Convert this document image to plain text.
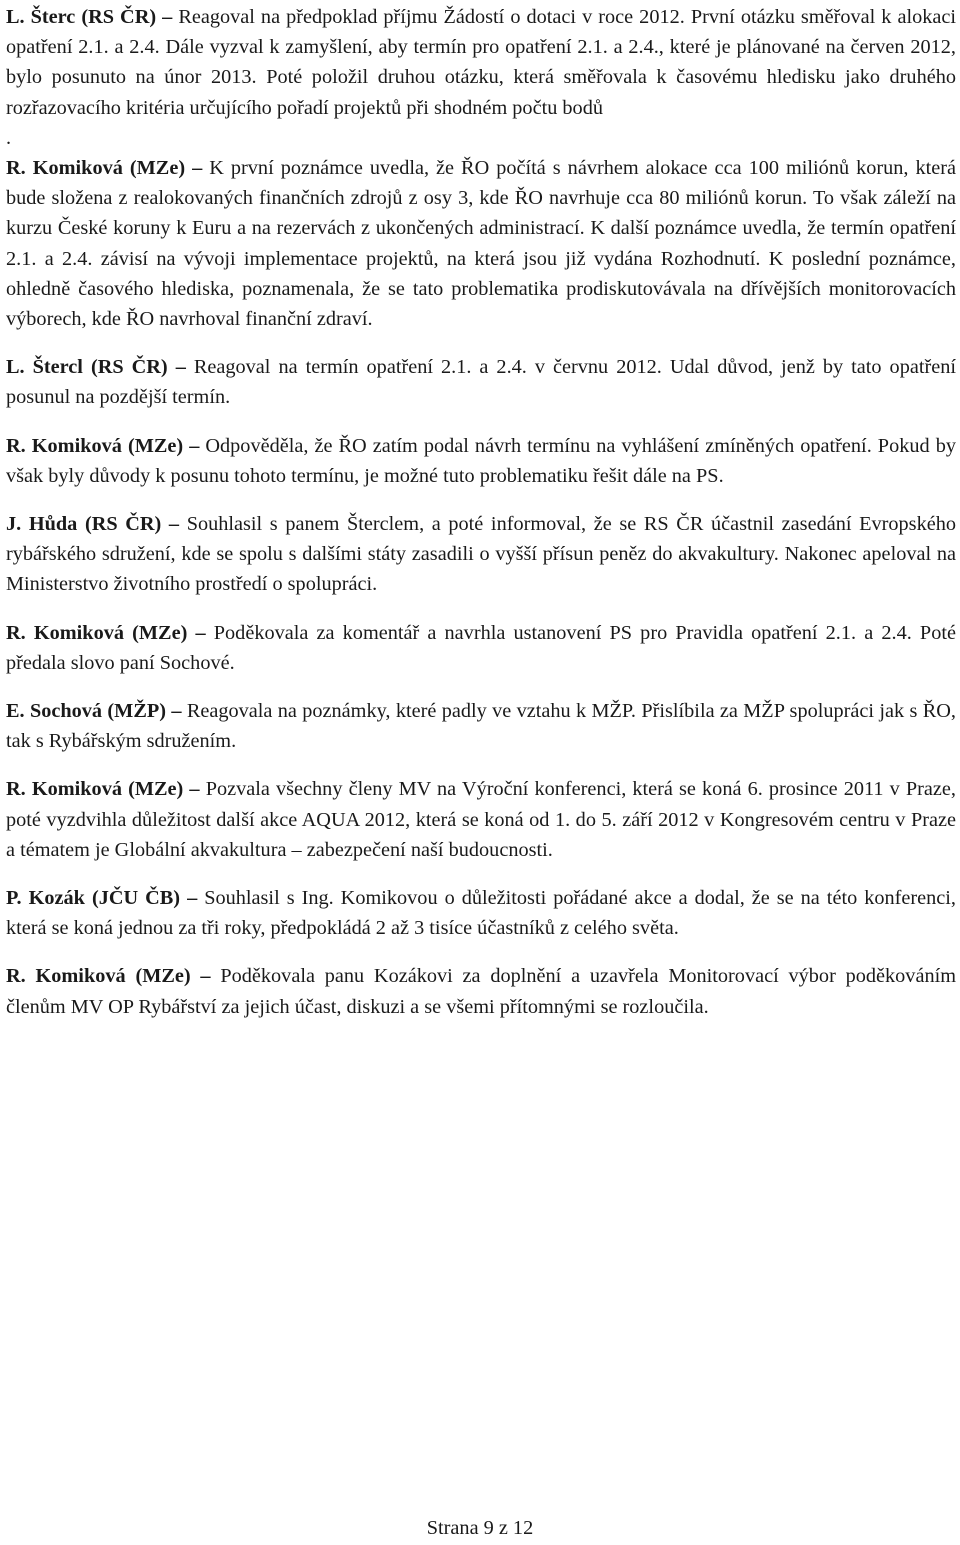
L. Šterc (RS ČR) – Reagoval na předpoklad příjmu Žádostí o dotaci v roce 2012. První otázku směřoval k alokaci opatření 2.1. a 2.4. Dále vyzval k zamyšlení, aby termín pro opatření 2.1. a 2.4., které je plánované na červen 2012, bylo posunuto na únor 2013. Poté položil druhou otázku, která směřovala k časovému hledisku jako druhého rozřazovacího kritéria určujícího pořadí projektů při shodném počtu bodů

.

R. Komiková (MZe) – K první poznámce uvedla, že ŘO počítá s návrhem alokace cca 100 miliónů korun, která bude složena z realokovaných finančních zdrojů z osy 3, kde ŘO navrhuje cca 80 miliónů korun. To však záleží na kurzu České koruny k Euru a na rezervách z ukončených administrací. K další poznámce uvedla, že termín opatření 2.1. a 2.4. závisí na vývoji implementace projektů, na která jsou již vydána Rozhodnutí. K poslední poznámce, ohledně časového hlediska, poznamenala, že se tato problematika prodiskutovávala na dřívějších monitorovacích výborech, kde ŘO navrhoval finanční zdraví.

L. Štercl (RS ČR) – Reagoval na termín opatření 2.1. a 2.4. v červnu 2012. Udal důvod, jenž by tato opatření posunul na pozdější termín.

R. Komiková (MZe) – Odpověděla, že ŘO zatím podal návrh termínu na vyhlášení zmíněných opatření. Pokud by však byly důvody k posunu tohoto termínu, je možné tuto problematiku řešit dále na PS.

J. Hůda (RS ČR) – Souhlasil s panem Šterclem, a poté informoval, že se RS ČR účastnil zasedání Evropského rybářského sdružení, kde se spolu s dalšími státy zasadili o vyšší přísun peněz do akvakultury. Nakonec apeloval na Ministerstvo životního prostředí o spolupráci.

R. Komiková (MZe) – Poděkovala za komentář a navrhla ustanovení PS pro Pravidla opatření 2.1. a 2.4. Poté předala slovo paní Sochové.

E. Sochová (MŽP) – Reagovala na poznámky, které padly ve vztahu k MŽP. Přislíbila za MŽP spolupráci jak s ŘO, tak s Rybářským sdružením.

R. Komiková (MZe) – Pozvala všechny členy MV na Výroční konferenci, která se koná 6. prosince 2011 v Praze, poté vyzdvihla důležitost další akce AQUA 2012, která se koná od 1. do 5. září 2012 v Kongresovém centru v Praze a tématem je Globální akvakultura – zabezpečení naší budoucnosti.

P. Kozák (JČU ČB) – Souhlasil s Ing. Komikovou o důležitosti pořádané akce a dodal, že se na této konferenci, která se koná jednou za tři roky, předpokládá 2 až 3 tisíce účastníků z celého světa.

R. Komiková (MZe) – Poděkovala panu Kozákovi za doplnění a uzavřela Monitorovací výbor poděkováním členům MV OP Rybářství za jejich účast, diskuzi a se všemi přítomnými se rozloučila.

Strana 9 z 12
